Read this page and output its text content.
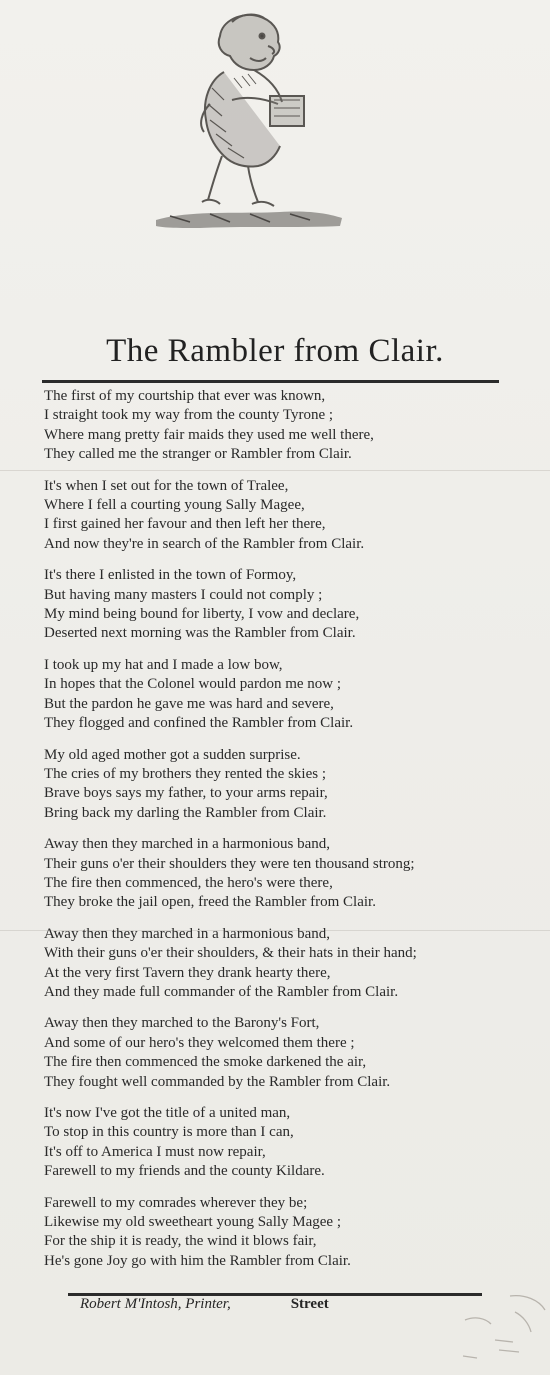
The Rambler from Clair.
The first of my courtship that ever was known,
I straight took my way from the county Tyrone ;
Where mang pretty fair maids they used me well there,
They called me the stranger or Rambler from Clair.
It's when I set out for the town of Tralee,
Where I fell a courting young Sally Magee,
I first gained her favour and then left her there,
And now they're in search of the Rambler from Clair.
It's there I enlisted in the town of Formoy,
But having many masters I could not comply ;
My mind being bound for liberty, I vow and declare,
Deserted next morning was the Rambler from Clair.
I took up my hat and I made a low bow,
In hopes that the Colonel would pardon me now ;
But the pardon he gave me was hard and severe,
They flogged and confined the Rambler from Clair.
My old aged mother got a sudden surprise.
The cries of my brothers they rented the skies ;
Brave boys says my father, to your arms repair,
Bring back my darling the Rambler from Clair.
Away then they marched in a harmonious band,
Their guns o'er their shoulders they were ten thousand strong;
The fire then commenced, the hero's were there,
They broke the jail open, freed the Rambler from Clair.
Away then they marched in a harmonious band,
With their guns o'er their shoulders, & their hats in their hand;
At the very first Tavern they drank hearty there,
And they made full commander of the Rambler from Clair.
Away then they marched to the Barony's Fort,
And some of our hero's they welcomed them there ;
The fire then commenced the smoke darkened the air,
They fought well commanded by the Rambler from Clair.
It's now I've got the title of a united man,
To stop in this country is more than I can,
It's off to America I must now repair,
Farewell to my friends and the county Kildare.
Farewell to my comrades wherever they be;
Likewise my old sweetheart young Sally Magee ;
For the ship it is ready, the wind it blows fair,
He's gone Joy go with him the Rambler from Clair.
Robert M'Intosh, Printer,	Street
